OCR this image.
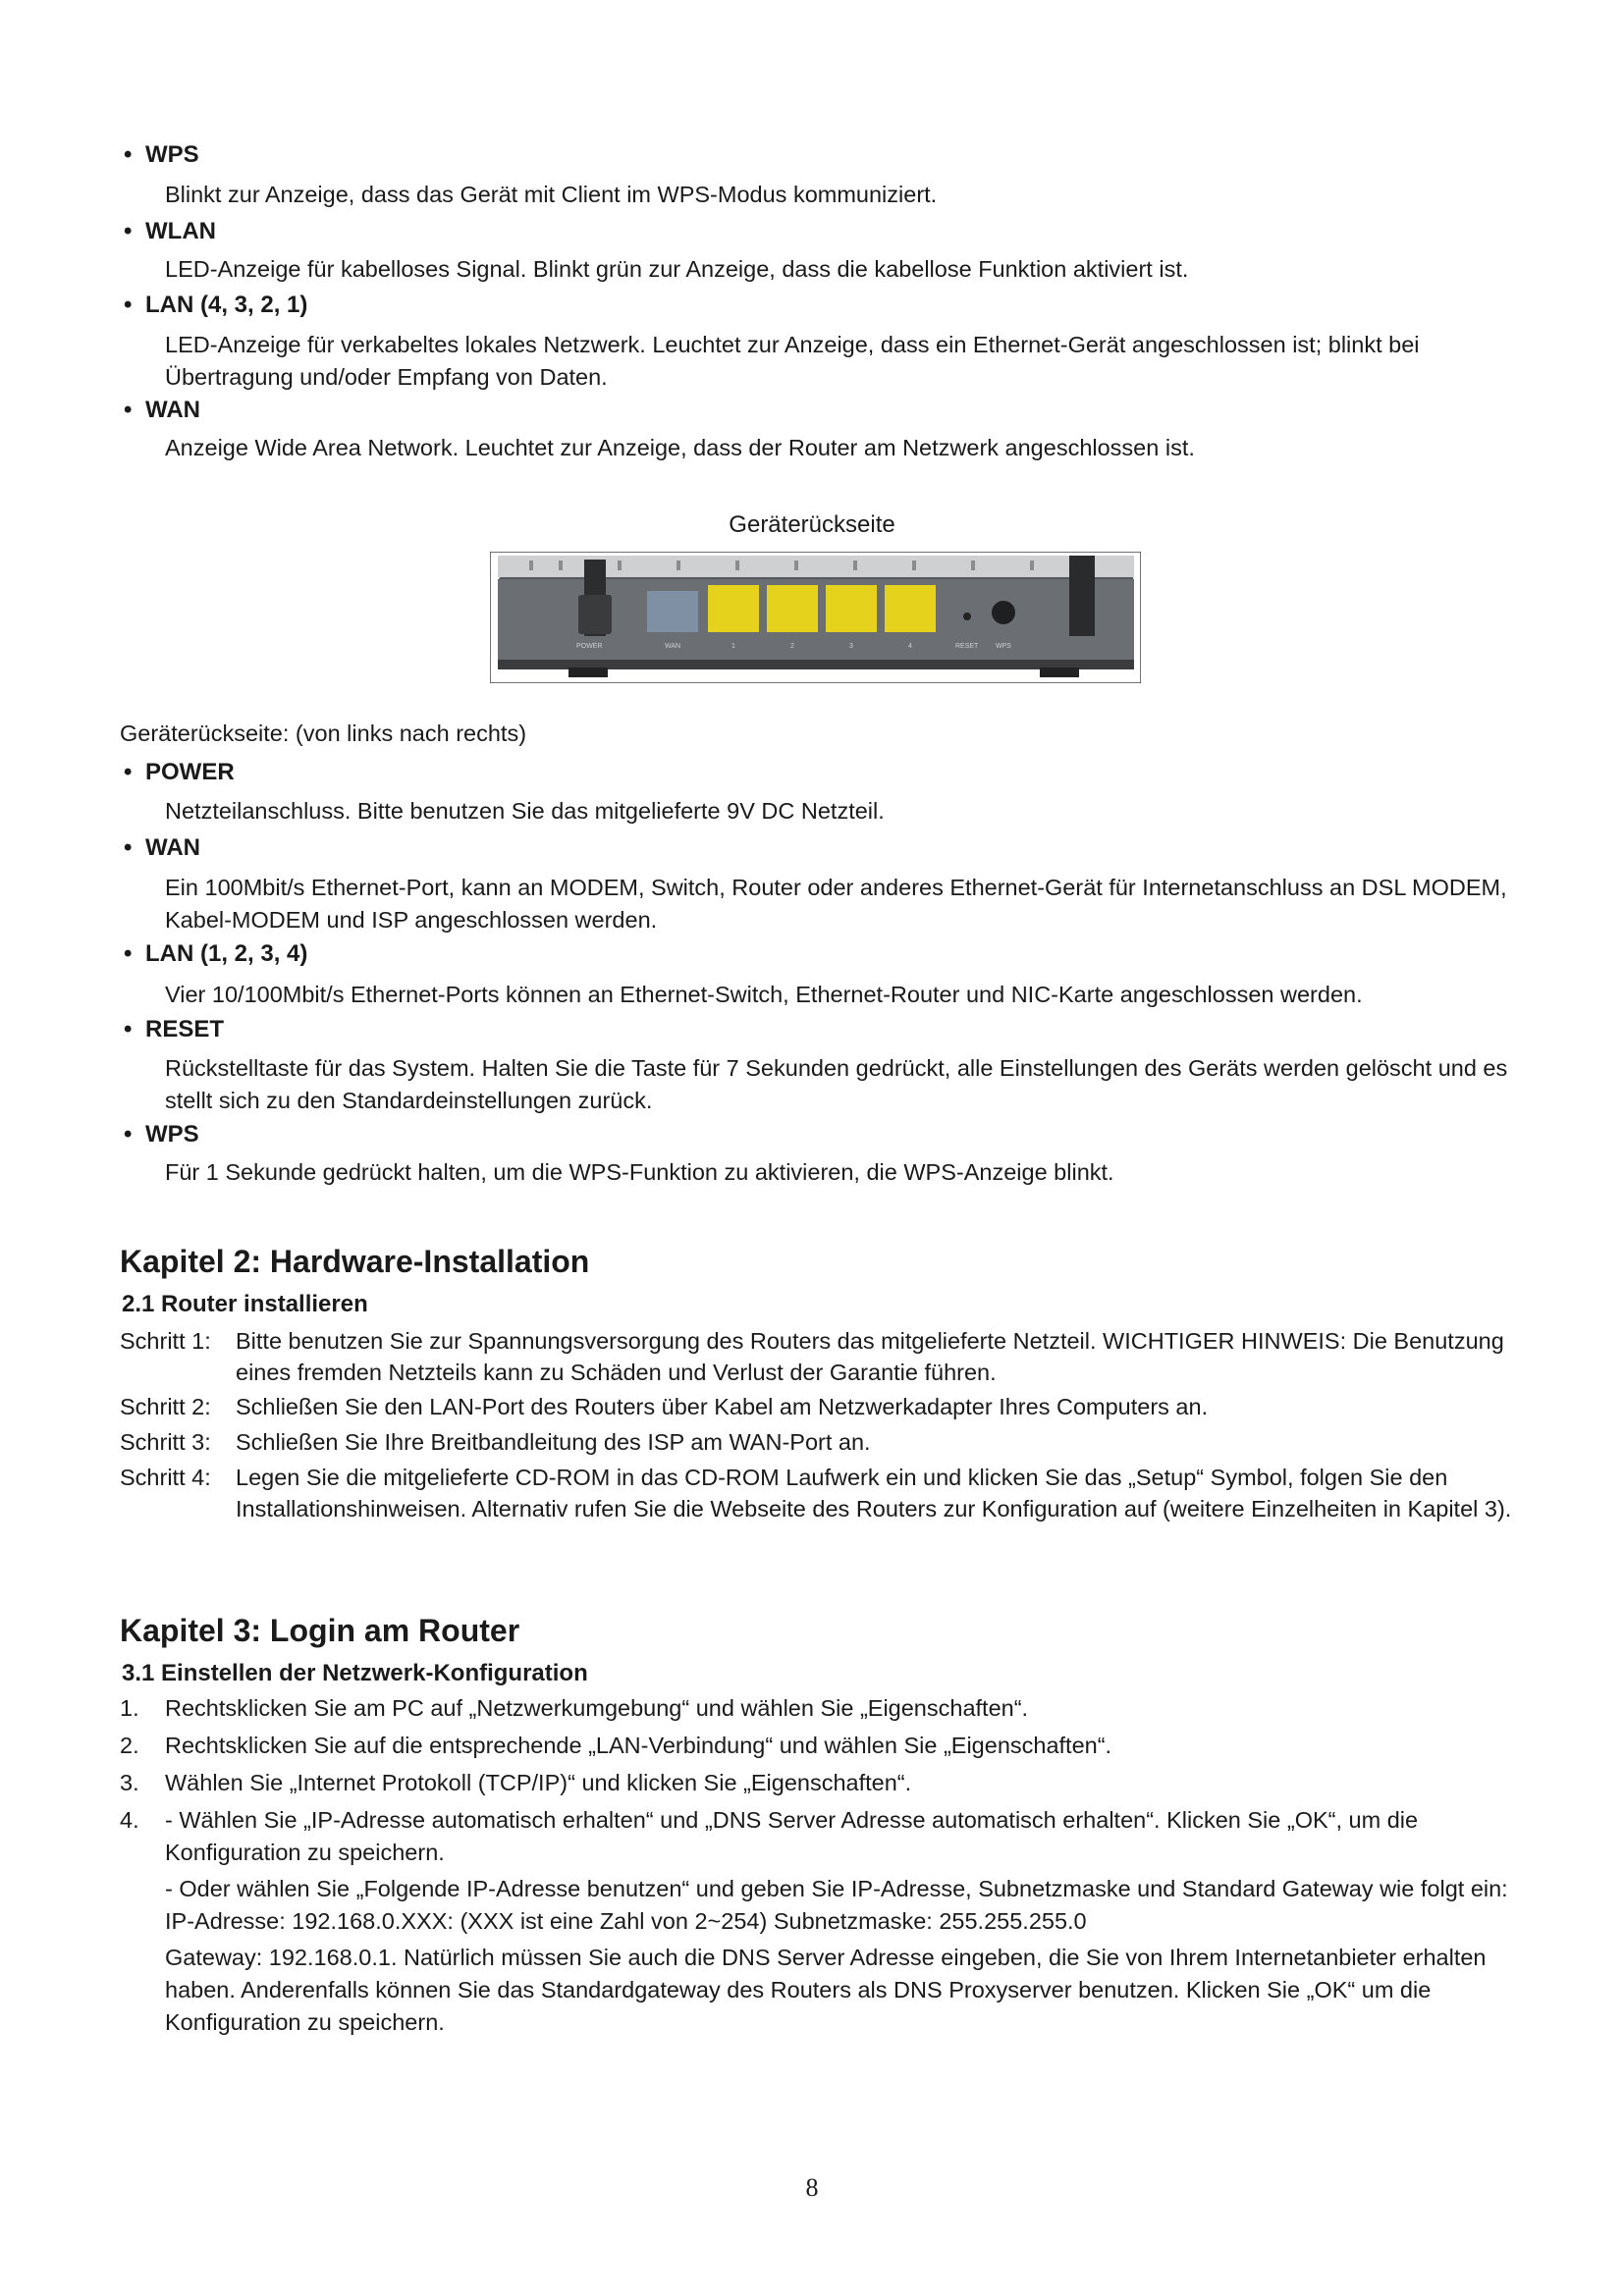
• WPS
Blinkt zur Anzeige, dass das Gerät mit Client im WPS-Modus kommuniziert.
• WLAN
LED-Anzeige für kabelloses Signal. Blinkt grün zur Anzeige, dass die kabellose Funktion aktiviert ist.
• LAN (4, 3, 2, 1)
LED-Anzeige für verkabeltes lokales Netzwerk. Leuchtet zur Anzeige, dass ein Ethernet-Gerät angeschlossen ist; blinkt bei Übertragung und/oder Empfang von Daten.
• WAN
Anzeige Wide Area Network. Leuchtet zur Anzeige, dass der Router am Netzwerk angeschlossen ist.
Geräterückseite
POWER	WAN	1	2	3	4	RESET	WPS
Geräterückseite: (von links nach rechts)
• POWER
Netzteilanschluss. Bitte benutzen Sie das mitgelieferte 9V DC Netzteil.
• WAN
Ein 100Mbit/s Ethernet-Port, kann an MODEM, Switch, Router oder anderes Ethernet-Gerät für Internetanschluss an DSL MODEM, Kabel-MODEM und ISP angeschlossen werden.
• LAN (1, 2, 3, 4)
Vier 10/100Mbit/s Ethernet-Ports können an Ethernet-Switch, Ethernet-Router und NIC-Karte angeschlossen werden.
• RESET
Rückstelltaste für das System. Halten Sie die Taste für 7 Sekunden gedrückt, alle Einstellungen des Geräts werden gelöscht und es stellt sich zu den Standardeinstellungen zurück.
• WPS
Für 1 Sekunde gedrückt halten, um die WPS-Funktion zu aktivieren, die WPS-Anzeige blinkt.
Kapitel 2: Hardware-Installation
2.1 Router installieren
Schritt 1:	Bitte benutzen Sie zur Spannungsversorgung des Routers das mitgelieferte Netzteil. WICHTIGER HINWEIS: Die Benutzung eines fremden Netzteils kann zu Schäden und Verlust der Garantie führen.
Schritt 2:	Schließen Sie den LAN-Port des Routers über Kabel am Netzwerkadapter Ihres Computers an.
Schritt 3:	Schließen Sie Ihre Breitbandleitung des ISP am WAN-Port an.
Schritt 4:	Legen Sie die mitgelieferte CD-ROM in das CD-ROM Laufwerk ein und klicken Sie das „Setup“ Symbol, folgen Sie den Installationshinweisen. Alternativ rufen Sie die Webseite des Routers zur Konfiguration auf (weitere Einzelheiten in Kapitel 3).
Kapitel 3: Login am Router
3.1 Einstellen der Netzwerk-Konfiguration
1.	Rechtsklicken Sie am PC auf „Netzwerkumgebung“ und wählen Sie „Eigenschaften“.
2.	Rechtsklicken Sie auf die entsprechende „LAN-Verbindung“ und wählen Sie „Eigenschaften“.
3.	Wählen Sie „Internet Protokoll (TCP/IP)“ und klicken Sie „Eigenschaften“.
4.	- Wählen Sie „IP-Adresse automatisch erhalten“ und „DNS Server Adresse automatisch erhalten“. Klicken Sie „OK“, um die Konfiguration zu speichern.

- Oder wählen Sie „Folgende IP-Adresse benutzen“ und geben Sie IP-Adresse, Subnetzmaske und Standard Gateway wie folgt ein: IP-Adresse: 192.168.0.XXX: (XXX ist eine Zahl von 2~254) Subnetzmaske: 255.255.255.0

Gateway: 192.168.0.1. Natürlich müssen Sie auch die DNS Server Adresse eingeben, die Sie von Ihrem Internetanbieter erhalten haben. Anderenfalls können Sie das Standardgateway des Routers als DNS Proxyserver benutzen. Klicken Sie „OK“ um die Konfiguration zu speichern.

8
